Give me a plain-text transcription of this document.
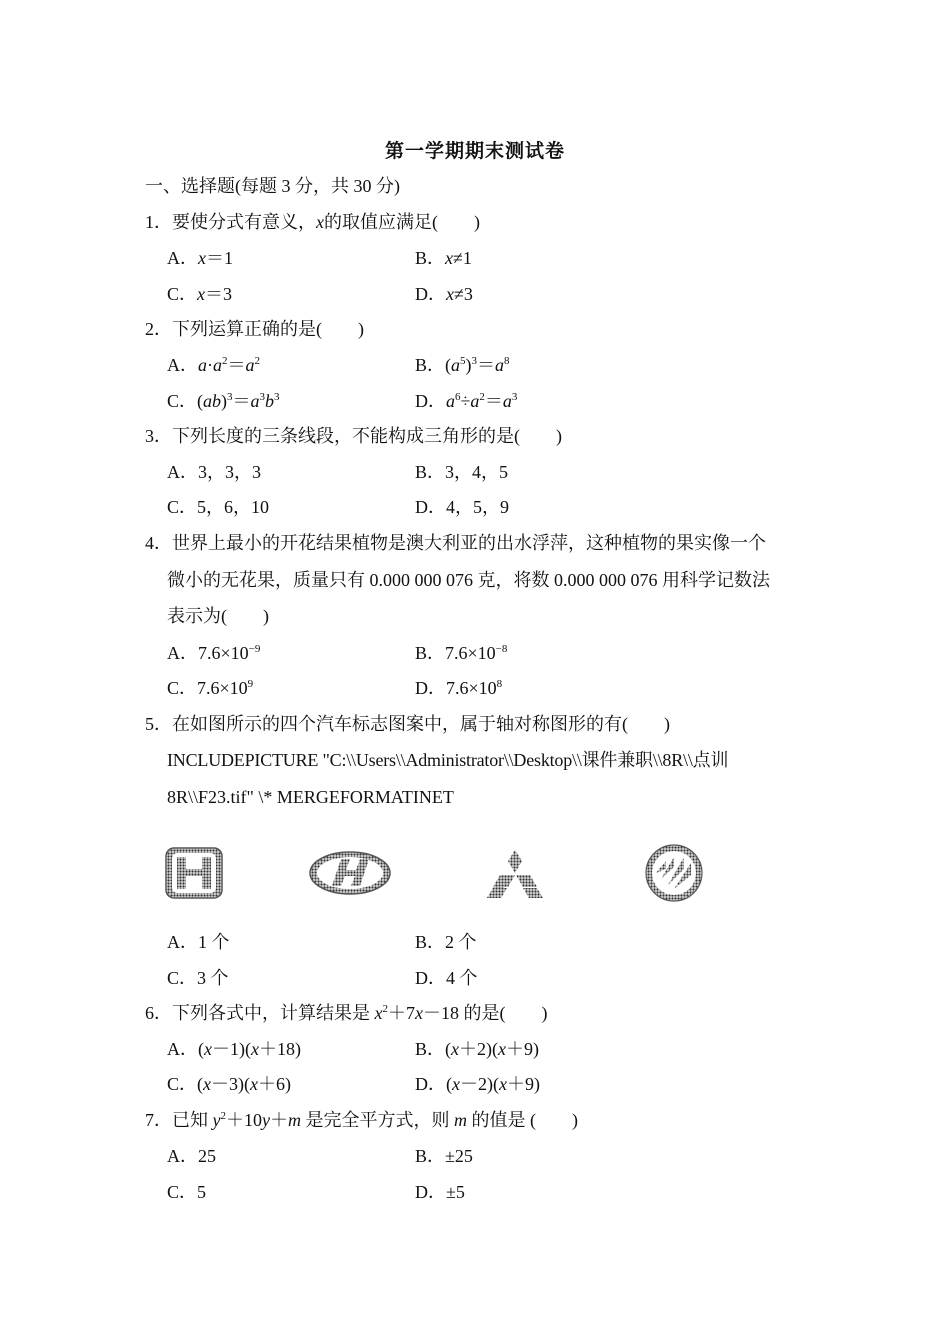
第一学期期末测试卷
一、选择题(每题 3 分，共 30 分)
1．要使分式有意义，x的取值应满足(　　)
A．x＝1	B．x≠1
C．x＝3	D．x≠3
2．下列运算正确的是(　　)
A．$a\cdot a^2=a^2$	B．$(a^5)^3=a^8$
C．$(ab)^3=a^3b^3$	D．$a^6\div a^2=a^3$
3．下列长度的三条线段，不能构成三角形的是(　　)
A．3，3，3	B．3，4，5
C．5，6，10	D．4，5，9
4．世界上最小的开花结果植物是澳大利亚的出水浮萍，这种植物的果实像一个
微小的无花果，质量只有 0.000 000 076 克，将数 0.000 000 076 用科学记数法
表示为(　　)
A．$7.6\times 10^{-9}$	B．$7.6\times 10^{-8}$
C．$7.6\times 10^9$	D．$7.6\times 10^8$
5．在如图所示的四个汽车标志图案中，属于轴对称图形的有(　　)
INCLUDEPICTURE "C:\\Users\\Administrator\\Desktop\\课件兼职\\8R\\点训
8R\\F23.tif" \* MERGEFORMATINET
A．1 个	B．2 个
C．3 个	D．4 个
6．下列各式中，计算结果是 $x^2+7x-18$ 的是(　　)
A．(x－1)(x＋18)	B．(x＋2)(x＋9)
C．(x－3)(x＋6)	D．(x－2)(x＋9)
7．已知 $y^2+10y+m$ 是完全平方式，则 m 的值是 (　　)
A．25	B．±25
C．5	D．±5
